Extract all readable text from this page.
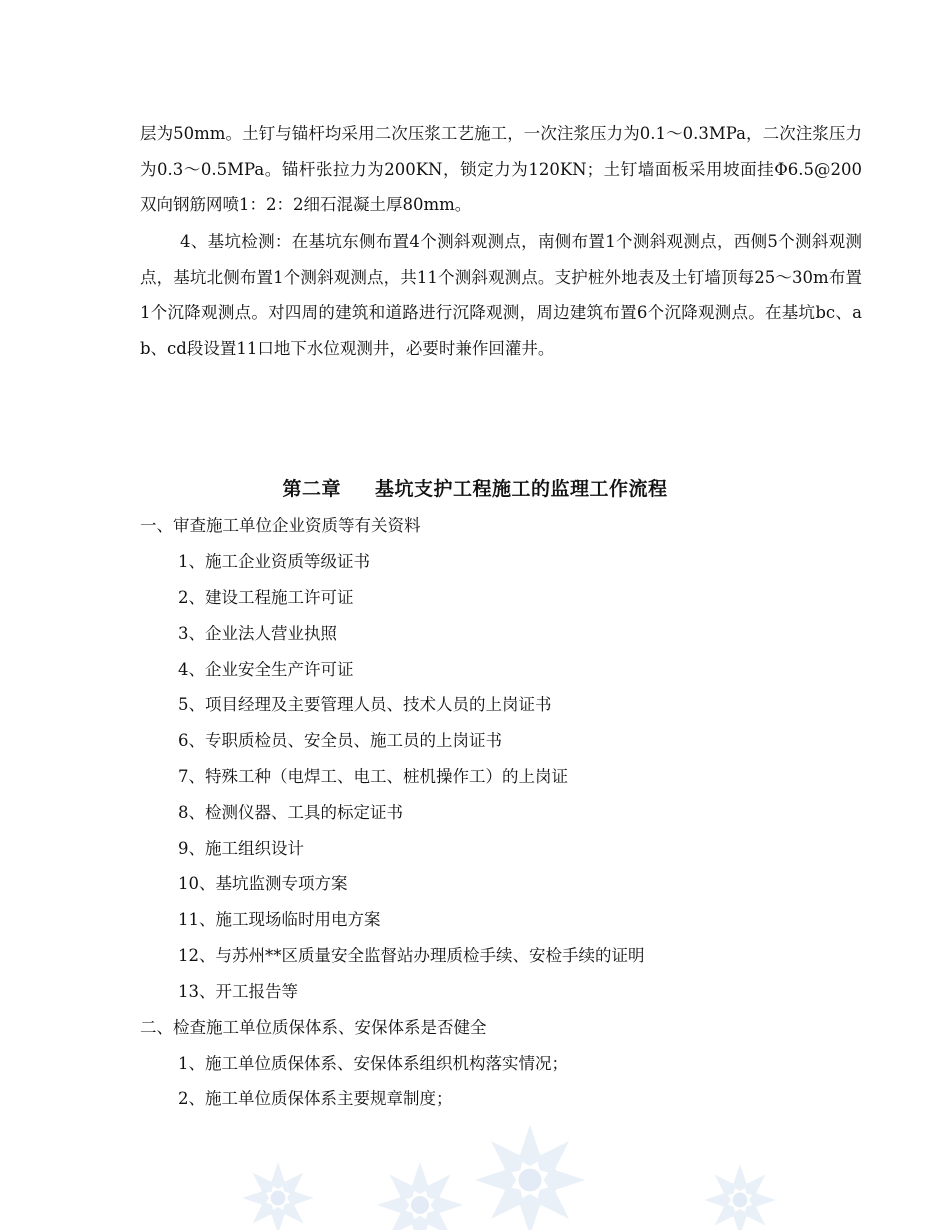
层为50mm。土钉与锚杆均采用二次压浆工艺施工，一次注浆压力为0.1～0.3MPa，二次注浆压力为0.3～0.5MPa。锚杆张拉力为200KN，锁定力为120KN；土钉墙面板采用坡面挂Φ6.5@200双向钢筋网喷1：2：2细石混凝土厚80mm。

4、基坑检测：在基坑东侧布置4个测斜观测点，南侧布置1个测斜观测点，西侧5个测斜观测点，基坑北侧布置1个测斜观测点，共11个测斜观测点。支护桩外地表及土钉墙顶每25～30m布置1个沉降观测点。对四周的建筑和道路进行沉降观测，周边建筑布置6个沉降观测点。在基坑bc、ab、cd段设置11口地下水位观测井，必要时兼作回灌井。

第二章 基坑支护工程施工的监理工作流程

一、审查施工单位企业资质等有关资料

1、施工企业资质等级证书

2、建设工程施工许可证

3、企业法人营业执照

4、企业安全生产许可证

5、项目经理及主要管理人员、技术人员的上岗证书

6、专职质检员、安全员、施工员的上岗证书

7、特殊工种（电焊工、电工、桩机操作工）的上岗证

8、检测仪器、工具的标定证书

9、施工组织设计

10、基坑监测专项方案

11、施工现场临时用电方案

12、与苏州**区质量安全监督站办理质检手续、安检手续的证明

13、开工报告等

二、检查施工单位质保体系、安保体系是否健全

1、施工单位质保体系、安保体系组织机构落实情况；

2、施工单位质保体系主要规章制度；
